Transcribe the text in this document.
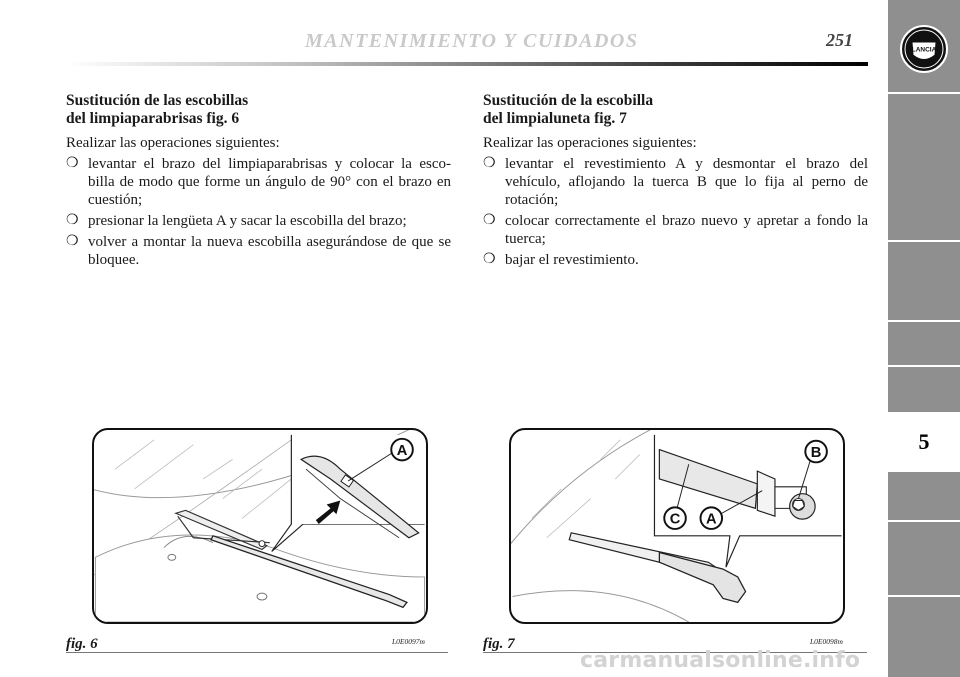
MANTENIMIENTO Y CUIDADOS	251	LANCIA
5
Sustitución de las escobillas
del limpiaparabrisas fig. 6

Realizar las operaciones siguientes:

❍ levantar el brazo del limpiaparabrisas y colocar la esco- billa de modo que forme un ángulo de 90° con el brazo en cuestión;
❍ presionar la lengüeta A y sacar la escobilla del brazo;
❍ volver a montar la nueva escobilla asegurándose de que se bloquee.
Sustitución de la escobilla
del limpialuneta fig. 7

Realizar las operaciones siguientes:

❍ levantar el revestimiento A y desmontar el brazo del vehículo, aflojando la tuerca B que lo fija al perno de rotación;
❍ colocar correctamente el brazo nuevo y apretar a fondo la tuerca;
❍ bajar el revestimiento.
A
fig. 6	L0E0097m
B
C A
fig. 7	L0E0098m
carmanualsonline.info
